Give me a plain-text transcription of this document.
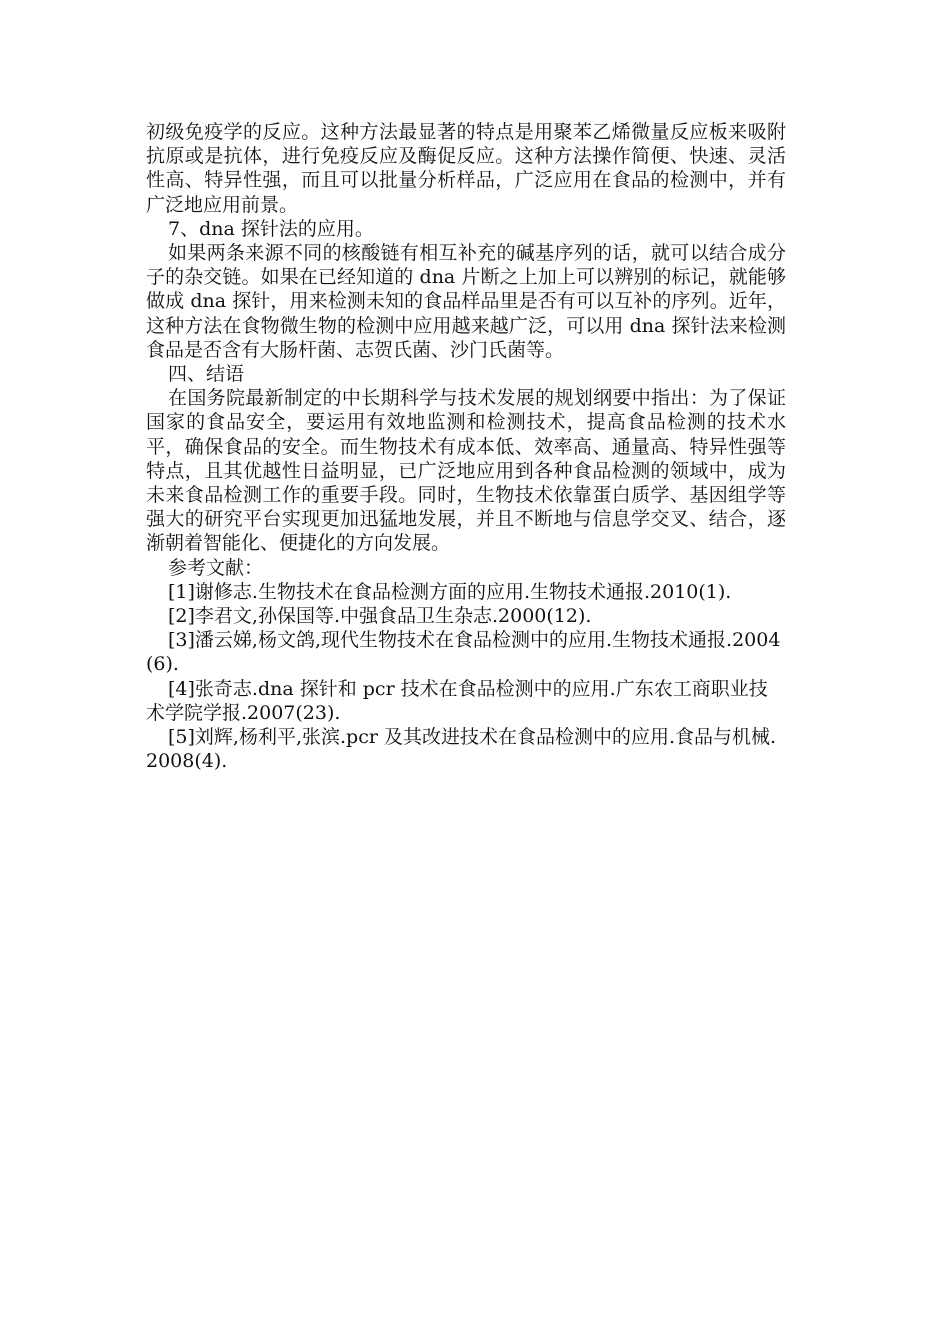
初级免疫学的反应。这种方法最显著的特点是用聚苯乙烯微量反应板来吸附抗原或是抗体，进行免疫反应及酶促反应。这种方法操作简便、快速、灵活性高、特异性强，而且可以批量分析样品，广泛应用在食品的检测中，并有广泛地应用前景。

7、dna 探针法的应用。

如果两条来源不同的核酸链有相互补充的碱基序列的话，就可以结合成分子的杂交链。如果在已经知道的 dna 片断之上加上可以辨别的标记，就能够做成 dna 探针，用来检测未知的食品样品里是否有可以互补的序列。近年，这种方法在食物微生物的检测中应用越来越广泛，可以用 dna 探针法来检测食品是否含有大肠杆菌、志贺氏菌、沙门氏菌等。

四、结语

在国务院最新制定的中长期科学与技术发展的规划纲要中指出：为了保证国家的食品安全，要运用有效地监测和检测技术，提高食品检测的技术水平，确保食品的安全。而生物技术有成本低、效率高、通量高、特异性强等特点，且其优越性日益明显，已广泛地应用到各种食品检测的领域中，成为未来食品检测工作的重要手段。同时，生物技术依靠蛋白质学、基因组学等强大的研究平台实现更加迅猛地发展，并且不断地与信息学交叉、结合，逐渐朝着智能化、便捷化的方向发展。

参考文献：

[1]谢修志.生物技术在食品检测方面的应用.生物技术通报.2010(1).

[2]李君文,孙保国等.中强食品卫生杂志.2000(12).

[3]潘云娣,杨文鸽,现代生物技术在食品检测中的应用.生物技术通报.2004(6).

[4]张奇志.dna 探针和 pcr 技术在食品检测中的应用.广东农工商职业技术学院学报.2007(23).

[5]刘辉,杨利平,张滨.pcr 及其改进技术在食品检测中的应用.食品与机械.2008(4).
